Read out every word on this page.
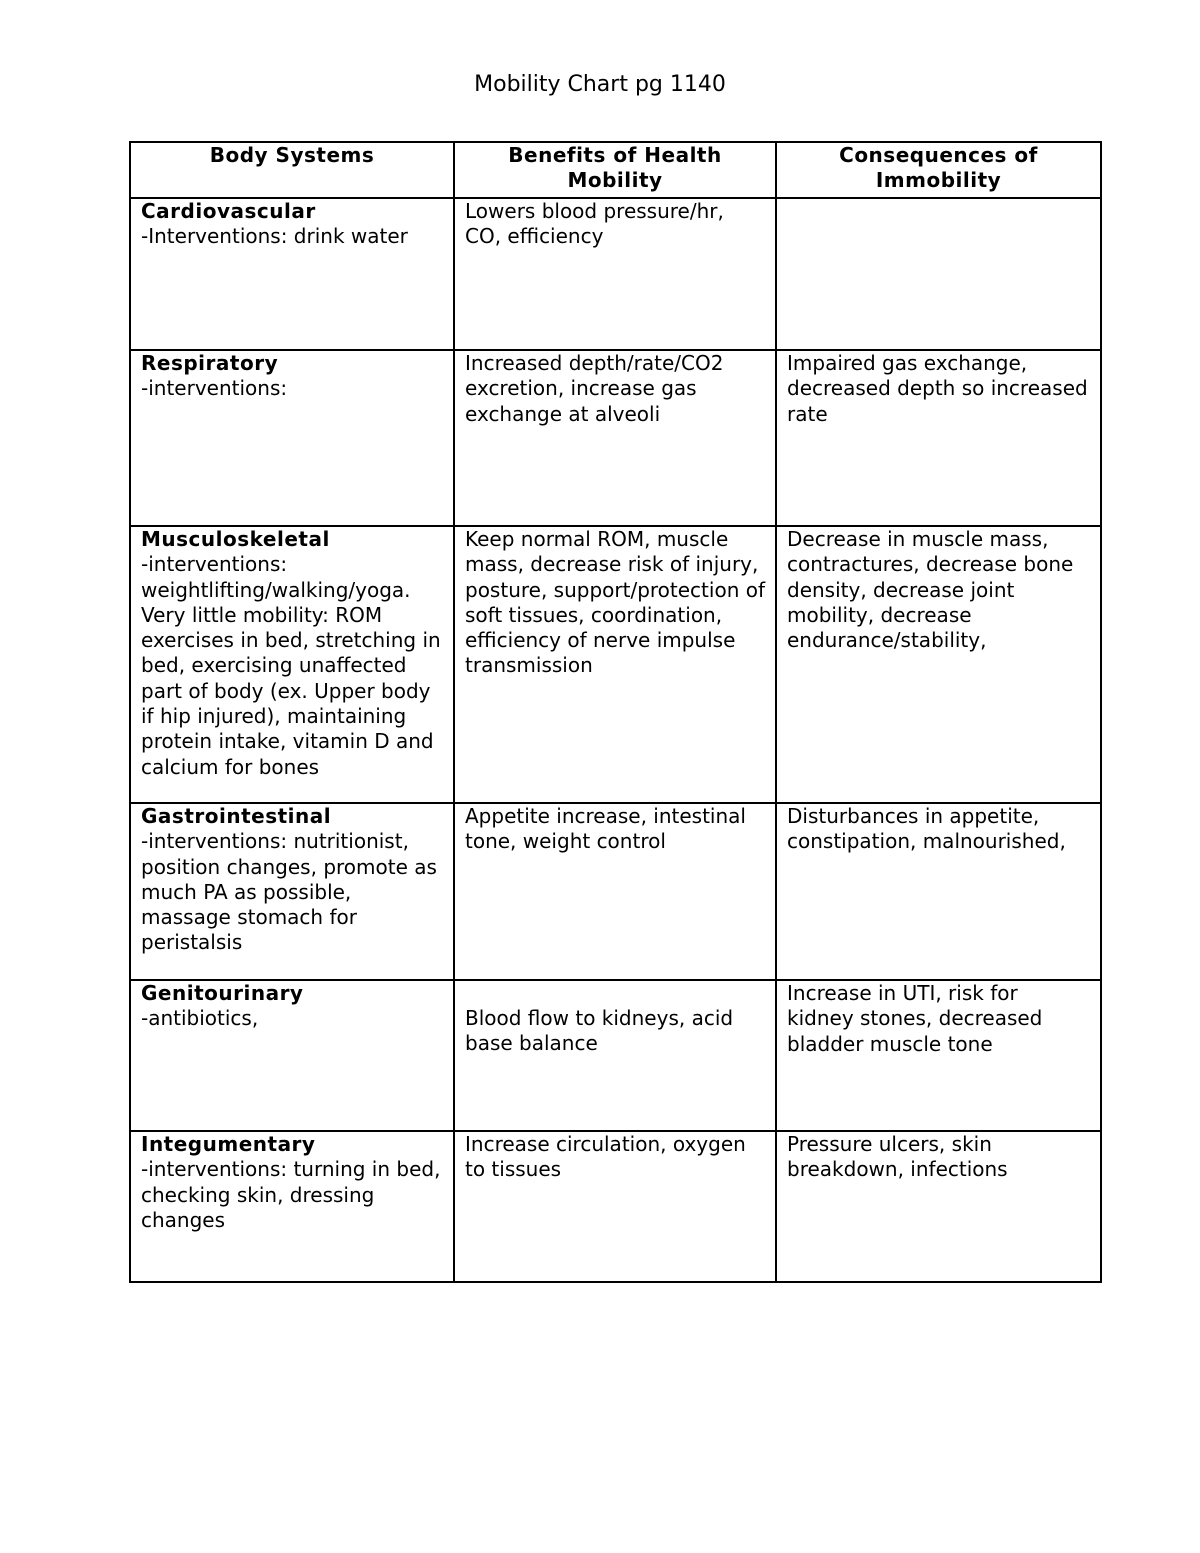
Mobility Chart pg 1140
Body Systems	Benefits of Health Mobility	Consequences of Immobility

Cardiovascular
-Interventions: drink water	Lowers blood pressure/hr, CO, efficiency	

Respiratory
-interventions:	Increased depth/rate/CO2 excretion, increase gas exchange at alveoli	Impaired gas exchange, decreased depth so increased rate

Musculoskeletal
-interventions: weightlifting/walking/yoga. Very little mobility: ROM exercises in bed, stretching in bed, exercising unaffected part of body (ex. Upper body if hip injured), maintaining protein intake, vitamin D and calcium for bones	Keep normal ROM, muscle mass, decrease risk of injury, posture, support/protection of soft tissues, coordination, efficiency of nerve impulse transmission	Decrease in muscle mass, contractures, decrease bone density, decrease joint mobility, decrease endurance/stability,

Gastrointestinal
-interventions: nutritionist, position changes, promote as much PA as possible, massage stomach for peristalsis	Appetite increase, intestinal tone, weight control	Disturbances in appetite, constipation, malnourished,

Genitourinary
-antibiotics,	Blood flow to kidneys, acid base balance	Increase in UTI, risk for kidney stones, decreased bladder muscle tone

Integumentary
-interventions: turning in bed, checking skin, dressing changes	Increase circulation, oxygen to tissues	Pressure ulcers, skin breakdown, infections
